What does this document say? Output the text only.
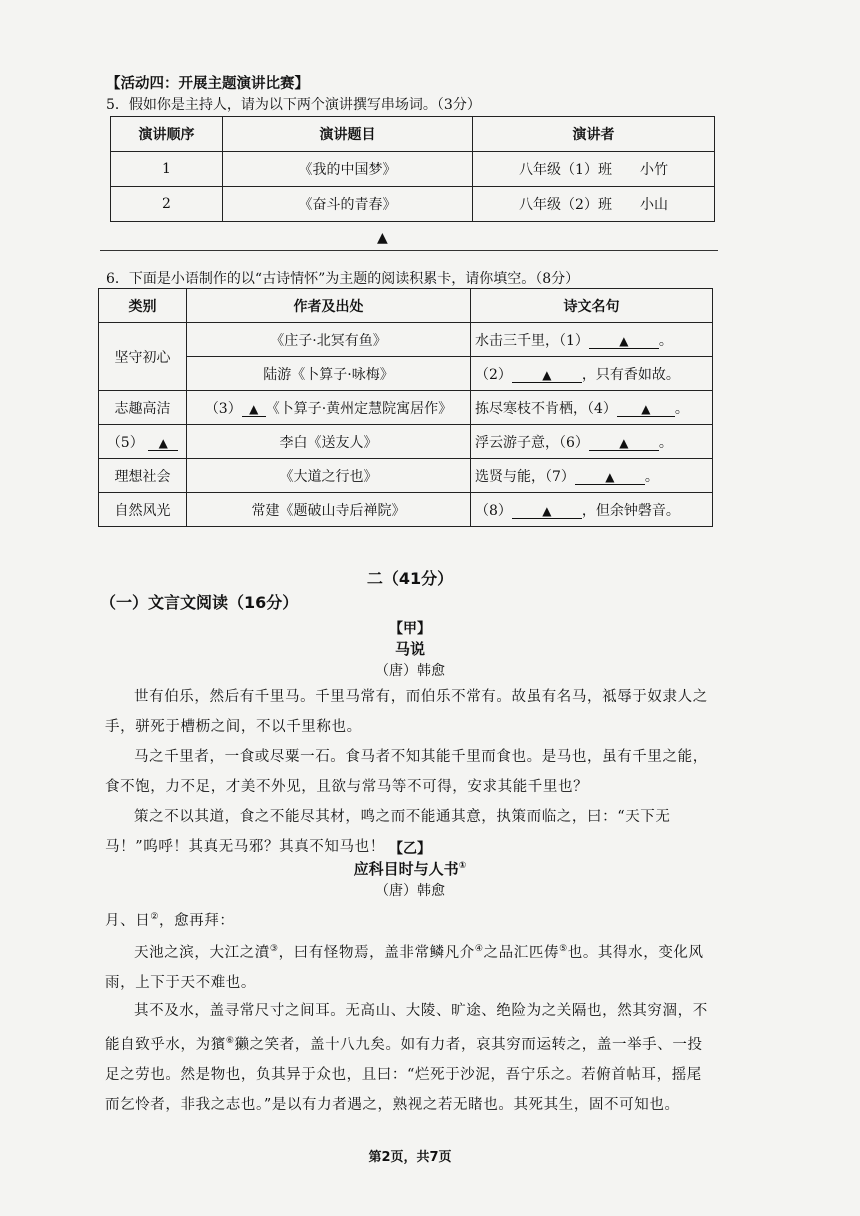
【活动四：开展主题演讲比赛】
5．假如你是主持人，请为以下两个演讲撰写串场词。（3分）
演讲顺序	演讲题目	演讲者
1	《我的中国梦》	八年级（1）班　　小竹
2	《奋斗的青春》	八年级（2）班　　小山
▲
6．下面是小语制作的以“古诗情怀”为主题的阅读积累卡，请你填空。（8分）
类别	作者及出处	诗文名句
坚守初心	《庄子·北冥有鱼》	水击三千里，（1） ▲ 。
	陆游《卜算子·咏梅》	（2） ▲ ，只有香如故。
志趣高洁	（3） ▲ 《卜算子·黄州定慧院寓居作》	拣尽寒枝不肯栖，（4） ▲ 。
（5） ▲	李白《送友人》	浮云游子意，（6） ▲ 。
理想社会	《大道之行也》	选贤与能，（7） ▲ 。
自然风光	常建《题破山寺后禅院》	（8） ▲ ，但余钟磬音。
二（41分）
（一）文言文阅读（16分）
【甲】
马说
（唐）韩愈
世有伯乐，然后有千里马。千里马常有，而伯乐不常有。故虽有名马，祗辱于奴隶人之手，骈死于槽枥之间，不以千里称也。
马之千里者，一食或尽粟一石。食马者不知其能千里而食也。是马也，虽有千里之能，食不饱，力不足，才美不外见，且欲与常马等不可得，安求其能千里也？
策之不以其道，食之不能尽其材，鸣之而不能通其意，执策而临之，曰：“天下无马！”呜呼！其真无马邪？其真不知马也！ 【乙】
应科目时与人书①
（唐）韩愈
月、日②，愈再拜：
天池之滨，大江之濆③，曰有怪物焉，盖非常鳞凡介④之品汇匹俦⑤也。其得水，变化风雨，上下于天不难也。
其不及水，盖寻常尺寸之间耳。无高山、大陵、旷途、绝险为之关隔也，然其穷涸，不能自致乎水，为獱⑥獭之笑者，盖十八九矣。如有力者，哀其穷而运转之，盖一举手、一投足之劳也。然是物也，负其异于众也，且曰：“烂死于沙泥，吾宁乐之。若俯首帖耳，摇尾而乞怜者，非我之志也。”是以有力者遇之，熟视之若无睹也。其死其生，固不可知也。
第2页，共7页
